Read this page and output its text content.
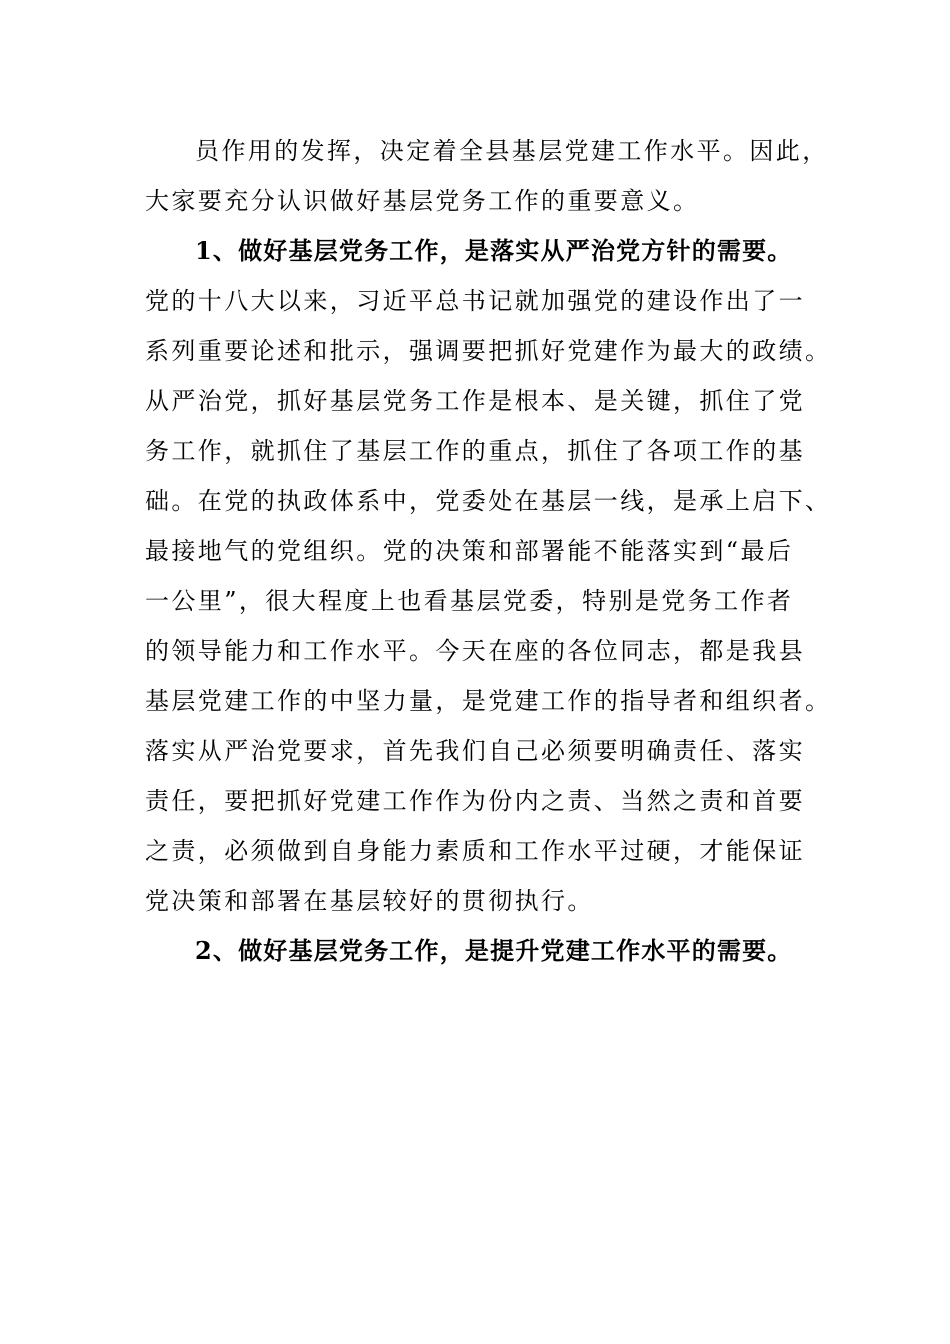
员作用的发挥，决定着全县基层党建工作水平。因此，
大家要充分认识做好基层党务工作的重要意义。
1、做好基层党务工作，是落实从严治党方针的需要。
党的十八大以来，习近平总书记就加强党的建设作出了一
系列重要论述和批示，强调要把抓好党建作为最大的政绩。
从严治党，抓好基层党务工作是根本、是关键，抓住了党
务工作，就抓住了基层工作的重点，抓住了各项工作的基
础。在党的执政体系中，党委处在基层一线，是承上启下、
最接地气的党组织。党的决策和部署能不能落实到“最后
一公里”，很大程度上也看基层党委，特别是党务工作者
的领导能力和工作水平。今天在座的各位同志，都是我县
基层党建工作的中坚力量，是党建工作的指导者和组织者。
落实从严治党要求，首先我们自己必须要明确责任、落实
责任，要把抓好党建工作作为份内之责、当然之责和首要
之责，必须做到自身能力素质和工作水平过硬，才能保证
党决策和部署在基层较好的贯彻执行。
2、做好基层党务工作，是提升党建工作水平的需要。
